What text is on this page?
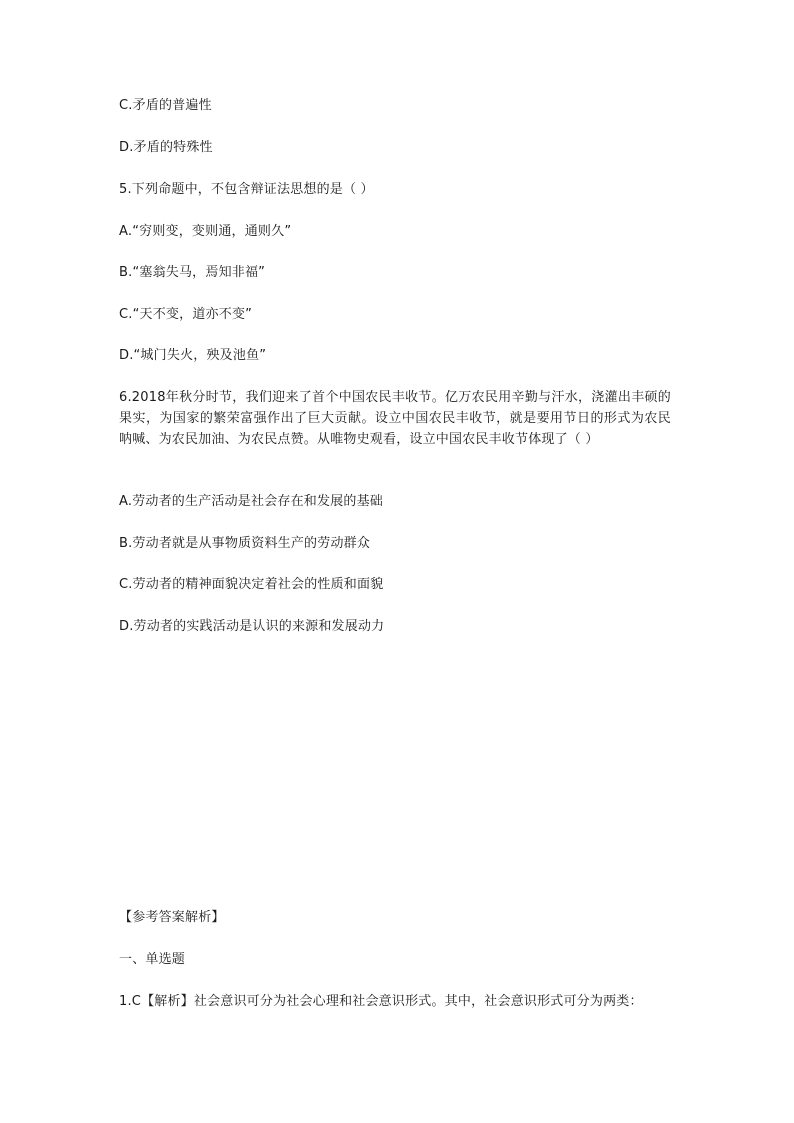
C.矛盾的普遍性
D.矛盾的特殊性
5.下列命题中，不包含辩证法思想的是（ ）
A.“穷则变，变则通，通则久”
B.“塞翁失马，焉知非福”
C.“天不变，道亦不变”
D.“城门失火，殃及池鱼”
6.2018年秋分时节，我们迎来了首个中国农民丰收节。亿万农民用辛勤与汗水，浇灌出丰硕的果实，为国家的繁荣富强作出了巨大贡献。设立中国农民丰收节，就是要用节日的形式为农民呐喊、为农民加油、为农民点赞。从唯物史观看，设立中国农民丰收节体现了（ ）
A.劳动者的生产活动是社会存在和发展的基础
B.劳动者就是从事物质资料生产的劳动群众
C.劳动者的精神面貌决定着社会的性质和面貌
D.劳动者的实践活动是认识的来源和发展动力
【参考答案解析】
一、单选题
1.C【解析】社会意识可分为社会心理和社会意识形式。其中，社会意识形式可分为两类：
